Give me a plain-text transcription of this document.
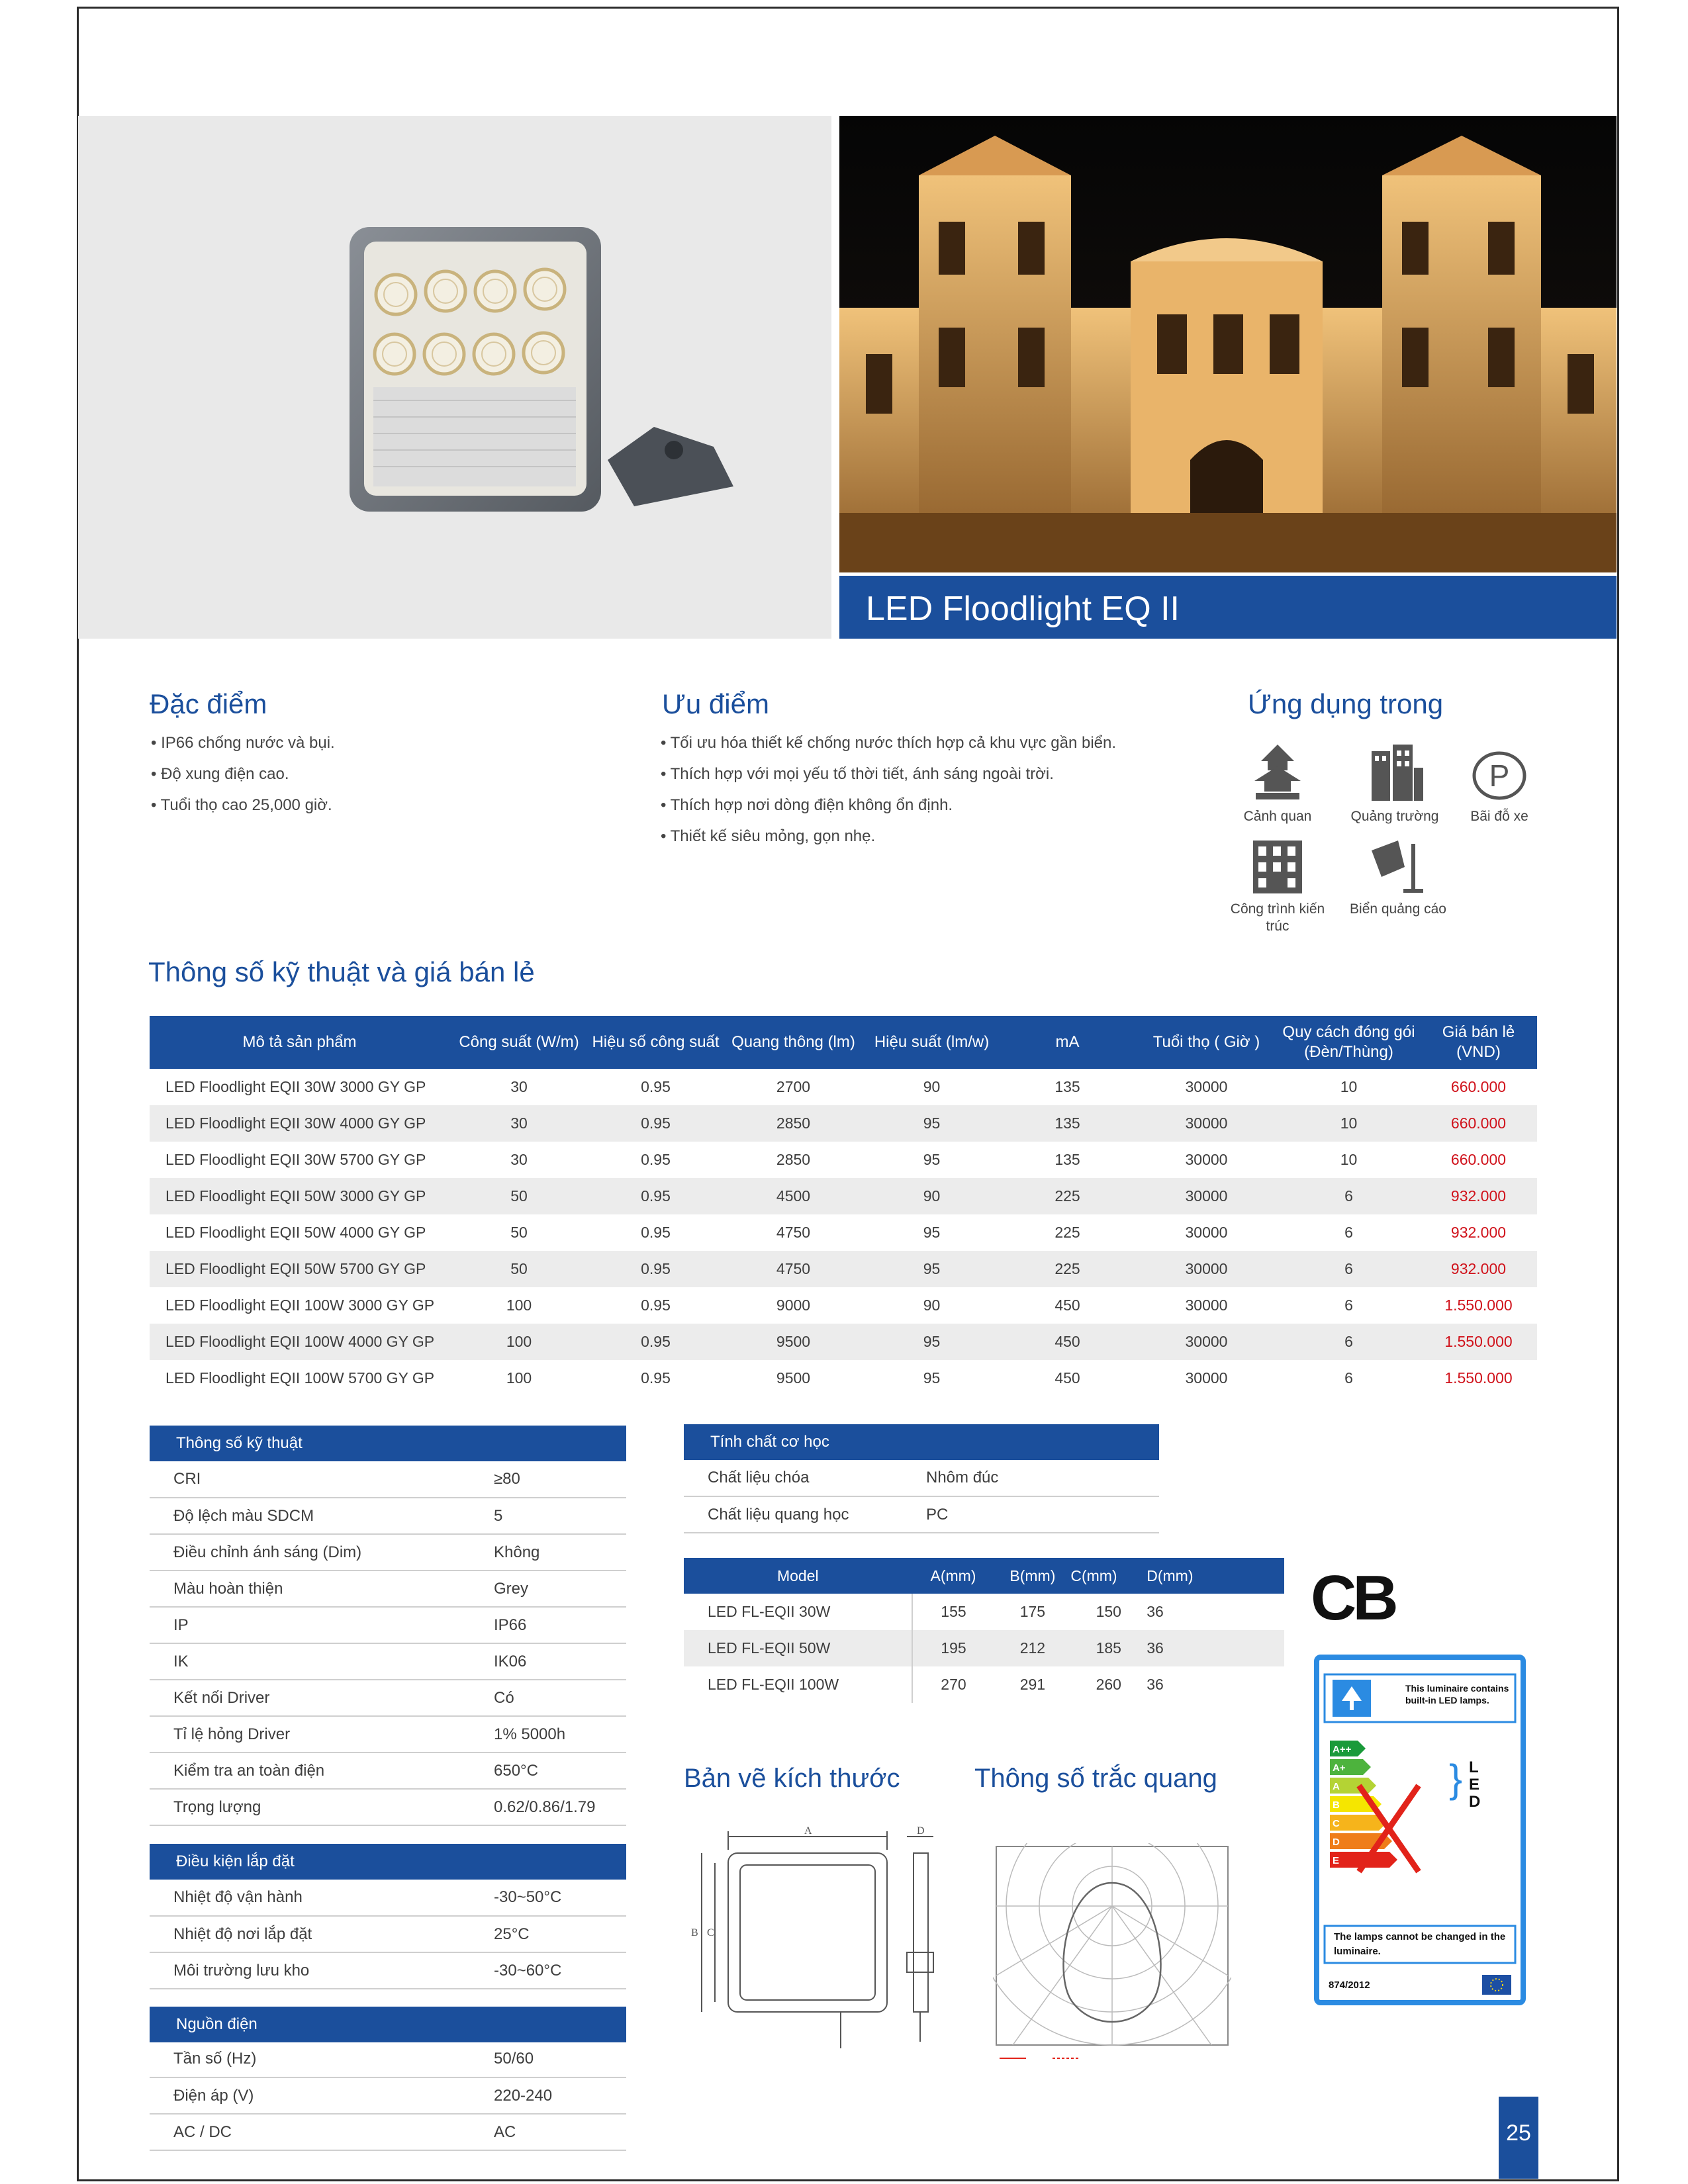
LED Floodlight EQ II
Đặc điểm
• IP66 chống nước và bụi.
• Độ xung điện cao.
• Tuổi thọ cao 25,000 giờ.
Ưu điểm
• Tối ưu hóa thiết kế chống nước thích hợp cả khu vực gần biển.
• Thích hợp với mọi yếu tố thời tiết, ánh sáng ngoài trời.
• Thích hợp nơi dòng điện không ổn định.
• Thiết kế siêu mỏng, gọn nhẹ.
Ứng dụng trong
Cảnh quan	Quảng trường
P
Bãi đỗ xe
Công trình kiến trúc
Biển quảng cáo
Thông số kỹ thuật và giá bán lẻ
Mô tả sản phẩm	Công suất (W/m)	Hiệu số công suất	Quang thông (lm)	Hiệu suất (lm/w)	mA	Tuổi thọ ( Giờ )	Quy cách đóng gói (Đèn/Thùng)	Giá bán lẻ (VND)
LED Floodlight EQII 30W 3000 GY GP	30	0.95	2700	90	135	30000	10	660.000
LED Floodlight EQII 30W 4000 GY GP	30	0.95	2850	95	135	30000	10	660.000
LED Floodlight EQII 30W 5700 GY GP	30	0.95	2850	95	135	30000	10	660.000
LED Floodlight EQII 50W 3000 GY GP	50	0.95	4500	90	225	30000	6	932.000
LED Floodlight EQII 50W 4000 GY GP	50	0.95	4750	95	225	30000	6	932.000
LED Floodlight EQII 50W 5700 GY GP	50	0.95	4750	95	225	30000	6	932.000
LED Floodlight EQII 100W 3000 GY GP	100	0.95	9000	90	450	30000	6	1.550.000
LED Floodlight EQII 100W 4000 GY GP	100	0.95	9500	95	450	30000	6	1.550.000
LED Floodlight EQII 100W 5700 GY GP	100	0.95	9500	95	450	30000	6	1.550.000
Thông số kỹ thuật
CRI	≥80
Độ lệch màu SDCM	5
Điều chỉnh ánh sáng (Dim)	Không
Màu hoàn thiện	Grey
IP	IP66
IK	IK06
Kết nối Driver	Có
Tỉ lệ hỏng Driver	1% 5000h
Kiểm tra an toàn điện	650°C
Trọng lượng	0.62/0.86/1.79
Điều kiện lắp đặt
Nhiệt độ vận hành	-30~50°C
Nhiệt độ nơi lắp đặt	25°C
Môi trường lưu kho	-30~60°C
Nguồn điện
Tần số (Hz)	50/60
Điện áp (V)	220-240
AC / DC	AC
Tính chất cơ học
Chất liệu chóa	Nhôm đúc
Chất liệu quang học	PC
Model	A(mm)	B(mm)	C(mm)	D(mm)
LED FL-EQII 30W	155	175	150	36
LED FL-EQII 50W	195	212	185	36
LED FL-EQII 100W	270	291	260	36
CB
This luminaire contains built-in LED lamps.
A++
A+
A
B
C
D
E
} LED
The lamps cannot be changed in the luminaire.
874/2012
Bản vẽ kích thước	Thông số trắc quang
A	D
B C
25
